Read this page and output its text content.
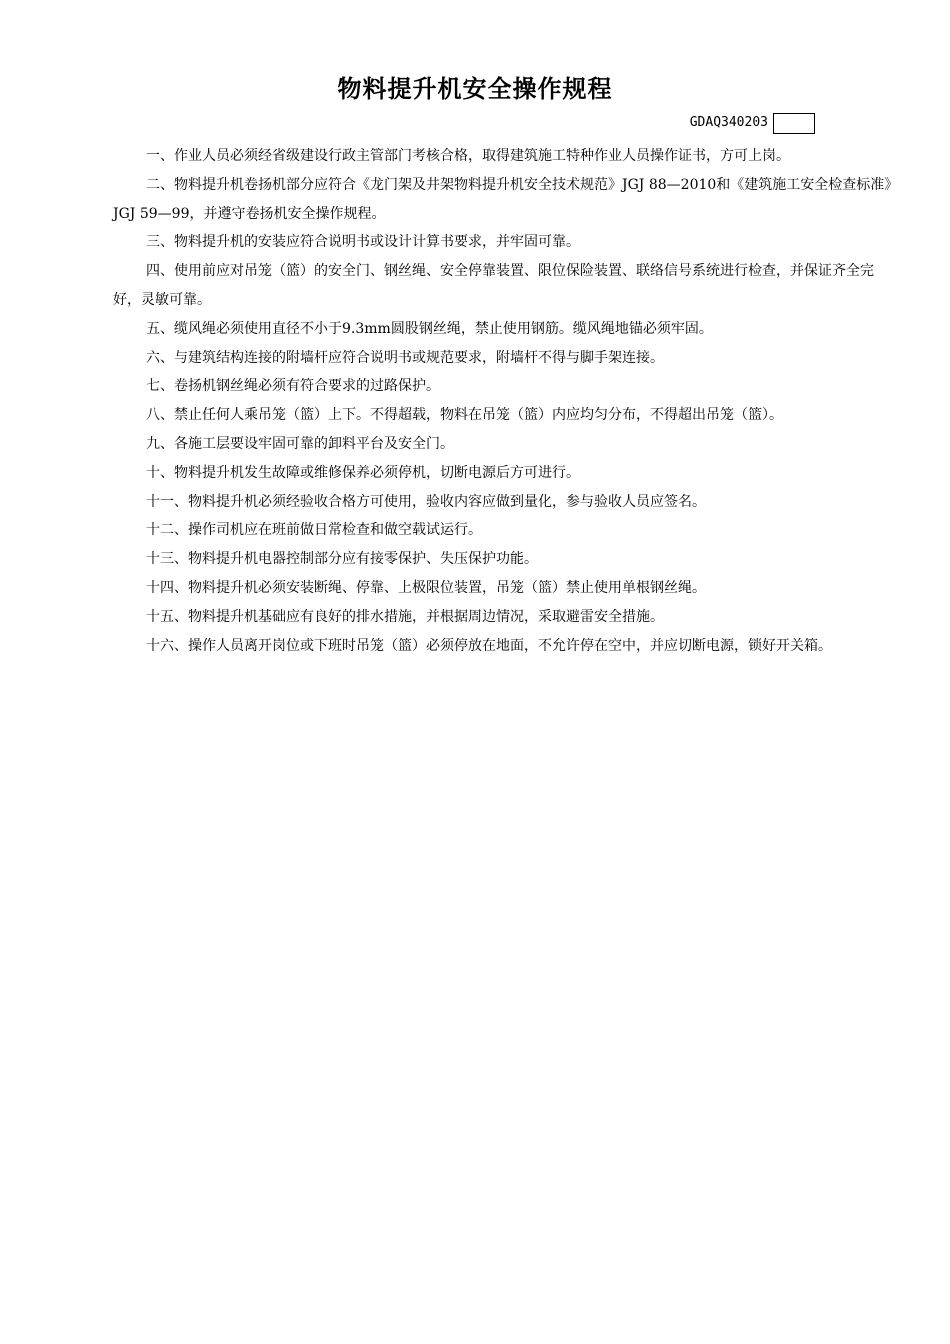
物料提升机安全操作规程
GDAQ340203

一、作业人员必须经省级建设行政主管部门考核合格，取得建筑施工特种作业人员操作证书，方可上岗。

二、物料提升机卷扬机部分应符合《龙门架及井架物料提升机安全技术规范》JGJ 88—2010和《建筑施工安全检查标准》JGJ 59—99，并遵守卷扬机安全操作规程。

三、物料提升机的安装应符合说明书或设计计算书要求，并牢固可靠。

四、使用前应对吊笼（篮）的安全门、钢丝绳、安全停靠装置、限位保险装置、联络信号系统进行检查，并保证齐全完好，灵敏可靠。

五、缆风绳必须使用直径不小于9.3mm圆股钢丝绳，禁止使用钢筋。缆风绳地锚必须牢固。

六、与建筑结构连接的附墙杆应符合说明书或规范要求，附墙杆不得与脚手架连接。

七、卷扬机钢丝绳必须有符合要求的过路保护。

八、禁止任何人乘吊笼（篮）上下。不得超载，物料在吊笼（篮）内应均匀分布，不得超出吊笼（篮）。

九、各施工层要设牢固可靠的卸料平台及安全门。

十、物料提升机发生故障或维修保养必须停机，切断电源后方可进行。

十一、物料提升机必须经验收合格方可使用，验收内容应做到量化，参与验收人员应签名。

十二、操作司机应在班前做日常检查和做空载试运行。

十三、物料提升机电器控制部分应有接零保护、失压保护功能。

十四、物料提升机必须安装断绳、停靠、上极限位装置，吊笼（篮）禁止使用单根钢丝绳。

十五、物料提升机基础应有良好的排水措施，并根据周边情况，采取避雷安全措施。

十六、操作人员离开岗位或下班时吊笼（篮）必须停放在地面，不允许停在空中，并应切断电源，锁好开关箱。
